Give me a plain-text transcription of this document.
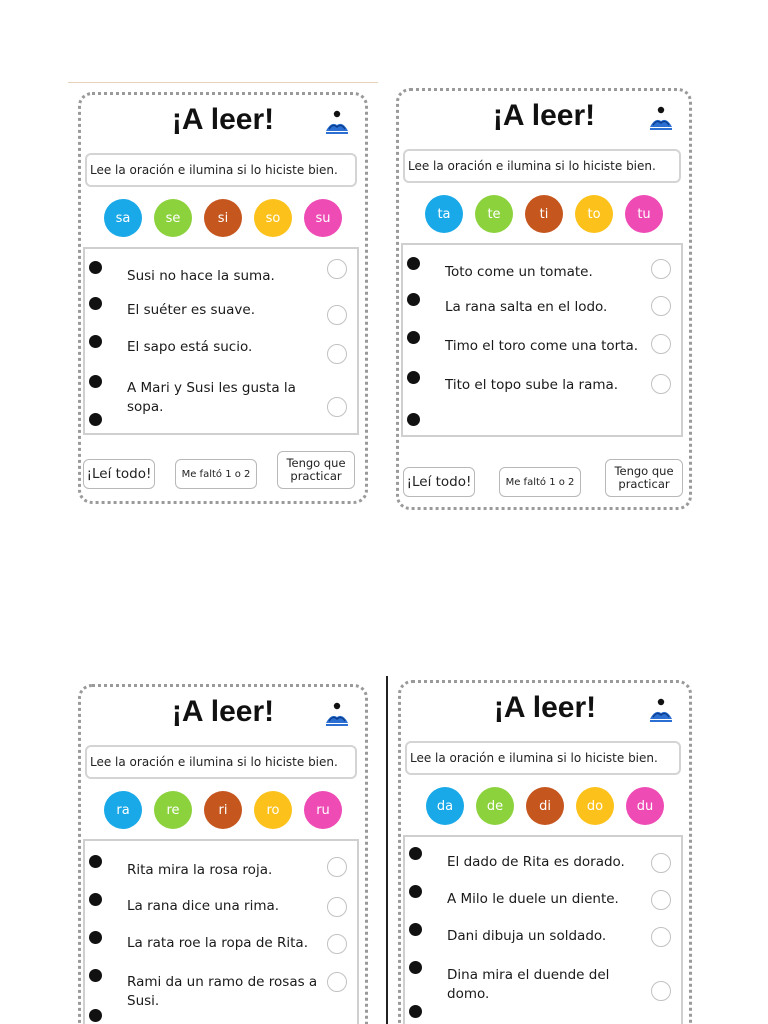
¡A leer!
Lee la oración e ilumina si lo hiciste bien.
sa	se	si	so	su
Susi no hace la suma.
El suéter es suave.
El sapo está sucio.
A Mari y Susi les gusta la sopa.
¡Leí todo!	Me faltó 1 o 2
Tengo que practicar
¡A leer!
Lee la oración e ilumina si lo hiciste bien.
ta	te	ti	to	tu
Toto come un tomate.
La rana salta en el lodo.
Timo el toro come una torta.
Tito el topo sube la rama.
¡Leí todo!	Me faltó 1 o 2
Tengo que practicar
¡A leer!
Lee la oración e ilumina si lo hiciste bien.
ra	re	ri	ro	ru
Rita mira la rosa roja.
La rana dice una rima.
La rata roe la ropa de Rita.
Rami da un ramo de rosas a Susi.
¡A leer!
Lee la oración e ilumina si lo hiciste bien.
da	de	di	do	du
El dado de Rita es dorado.
A Milo le duele un diente.
Dani dibuja un soldado.
Dina mira el duende del domo.
